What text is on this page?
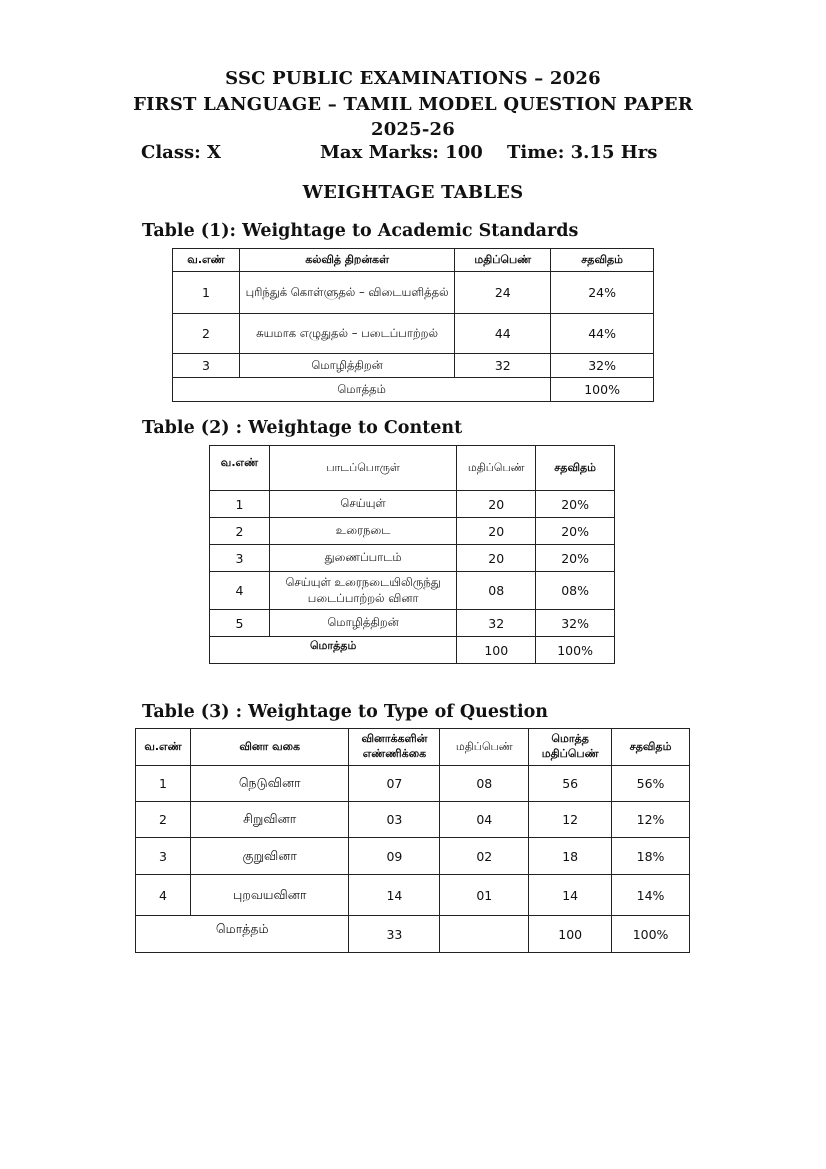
SSC PUBLIC EXAMINATIONS – 2026
FIRST LANGUAGE – TAMIL MODEL QUESTION PAPER
2025-26
Class: X	Max Marks: 100 Time: 3.15 Hrs
WEIGHTAGE TABLES
Table (1): Weightage to Academic Standards
வ.எண்	கல்வித் திறன்கள்	மதிப்பெண்	சதவிதம்
1	புரிந்துக் கொள்ளுதல் – விடையளித்தல்	24	24%
2	சுயமாக எழுதுதல் – படைப்பாற்றல்	44	44%
3	மொழித்திறன்	32	32%
மொத்தம்			100%
Table (2) : Weightage to Content
வ.எண்	பாடப்பொருள்	மதிப்பெண்	சதவிதம்
1	செய்யுள்	20	20%
2	உரைநடை	20	20%
3	துணைப்பாடம்	20	20%
4	செய்யுள் உரைநடையிலிருந்து படைப்பாற்றல் வினா	08	08%
5	மொழித்திறன்	32	32%
மொத்தம்		100	100%
Table (3) : Weightage to Type of Question
வ.எண்	வினா வகை	வினாக்களின் எண்ணிக்கை	மதிப்பெண்	மொத்த மதிப்பெண்	சதவிதம்
1	நெடுவினா	07	08	56	56%
2	சிறுவினா	03	04	12	12%
3	குறுவினா	09	02	18	18%
4	புறவயவினா	14	01	14	14%
மொத்தம்		33		100	100%
